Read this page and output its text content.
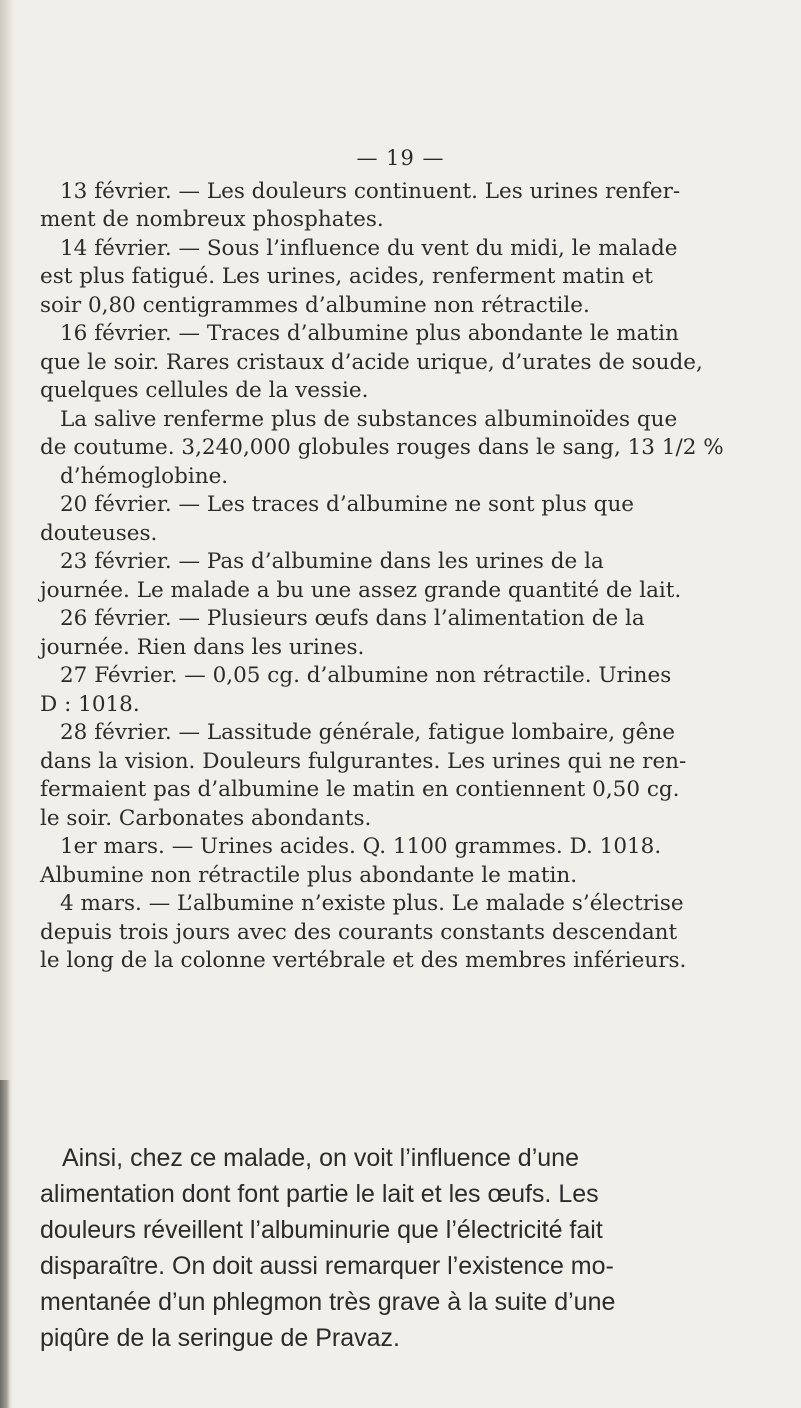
— 19 —
13 février. — Les douleurs continuent. Les urines renfer-
ment de nombreux phosphates.
14 février. — Sous l’influence du vent du midi, le malade
est plus fatigué. Les urines, acides, renferment matin et
soir 0,80 centigrammes d’albumine non rétractile.
16 février. — Traces d’albumine plus abondante le matin
que le soir. Rares cristaux d’acide urique, d’urates de soude,
quelques cellules de la vessie.
La salive renferme plus de substances albuminoïdes que
de coutume. 3,240,000 globules rouges dans le sang, 13 1/2 %
d’hémoglobine.
20 février. — Les traces d’albumine ne sont plus que
douteuses.
23 février. — Pas d’albumine dans les urines de la
journée. Le malade a bu une assez grande quantité de lait.
26 février. — Plusieurs œufs dans l’alimentation de la
journée. Rien dans les urines.
27 Février. — 0,05 cg. d’albumine non rétractile. Urines
D : 1018.
28 février. — Lassitude générale, fatigue lombaire, gêne
dans la vision. Douleurs fulgurantes. Les urines qui ne ren-
fermaient pas d’albumine le matin en contiennent 0,50 cg.
le soir. Carbonates abondants.
1er mars. — Urines acides. Q. 1100 grammes. D. 1018.
Albumine non rétractile plus abondante le matin.
4 mars. — L’albumine n’existe plus. Le malade s’électrise
depuis trois jours avec des courants constants descendant
le long de la colonne vertébrale et des membres inférieurs.
Ainsi, chez ce malade, on voit l’influence d’une
alimentation dont font partie le lait et les œufs. Les
douleurs réveillent l’albuminurie que l’électricité fait
disparaître. On doit aussi remarquer l’existence mo-
mentanée d’un phlegmon très grave à la suite d’une
piqûre de la seringue de Pravaz.
